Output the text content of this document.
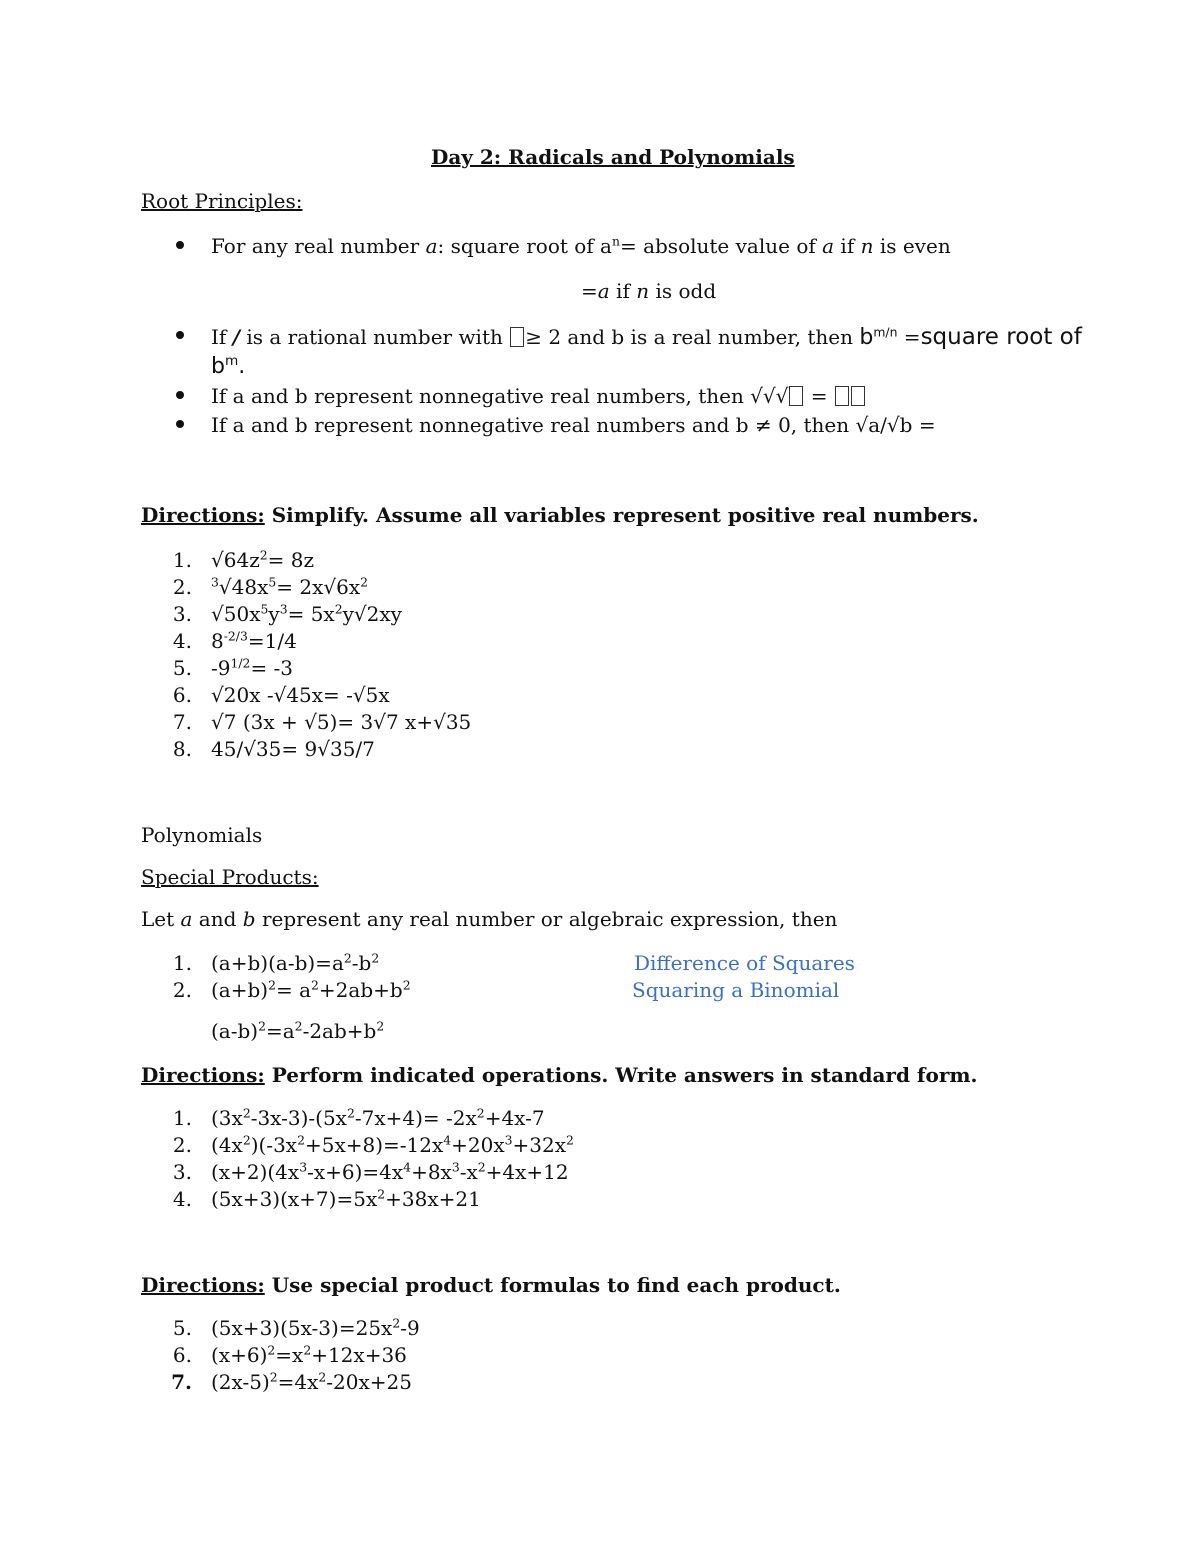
Day 2: Radicals and Polynomials
Root Principles:
For any real number a: square root of $a^n=$ absolute value of a if n is even
=a if n is odd
If / is a rational number with ≥ 2 and b is a real number, then $b^{m/n}$ =square root of
$b^m$.
If a and b represent nonnegative real numbers, then √√√ =
If a and b represent nonnegative real numbers and b ≠ 0, then √a/√b =
Directions: Simplify. Assume all variables represent positive real numbers.
1. $√64z^2= 8z$
2. $^3√48x^5= 2x√6x^2$
3. $√50x^5y^3= 5x^2y√2xy$
4. $8^{-2/3}=1/4$
5. $-9^{1/2}= -3$
6. √20x -√45x= -√5x
7. √7 (3x + √5)= 3√7 x+√35
8. 45/√35= 9√35/7
Polynomials
Special Products:
Let a and b represent any real number or algebraic expression, then
1. $(a+b)(a-b)=a^2-b^2$	Difference of Squares
2. $(a+b)^2= a^2+2ab+b^2$	Squaring a Binomial
$(a-b)^2=a^2-2ab+b^2$
Directions: Perform indicated operations. Write answers in standard form.
1. $(3x^2-3x-3)-(5x^2-7x+4)= -2x^2+4x-7$
2. $(4x^2)(-3x^2+5x+8)=-12x^4+20x^3+32x^2$
3. $(x+2)(4x^3-x+6)=4x^4+8x^3-x^2+4x+12$
4. $(5x+3)(x+7)=5x^2+38x+21$
Directions: Use special product formulas to find each product.
5. $(5x+3)(5x-3)=25x^2-9$
6. $(x+6)^2=x^2+12x+36$
7. $(2x-5)^2=4x^2-20x+25$
